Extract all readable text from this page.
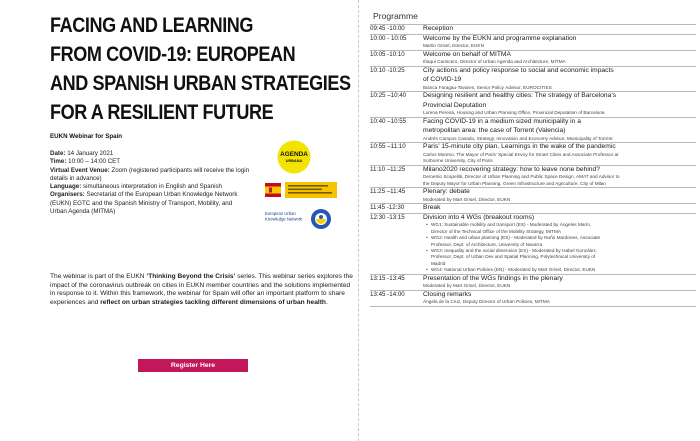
FACING AND LEARNING
FROM COVID-19: EUROPEAN
AND SPANISH URBAN STRATEGIES
FOR A RESILIENT FUTURE
EUKN Webinar for Spain

Date: 14 January 2021

Time: 10:00 – 14:00 CET

Virtual Event Venue: Zoom (registered participants will receive the login details in advance)

Language: simultaneous interpretation in English and Spanish

Organisers: Secretariat of the European Urban Knowledge Network (EUKN) EGTC and the Spanish Ministry of Transport, Mobility, and Urban Agenda (MITMA)

AGENDA
URBANA
European Urban
Knowledge Network
The webinar is part of the EUKN ‘Thinking Beyond the Crisis’ series. This webinar series explores the impact of the coronavirus outbreak on cities in EUKN member countries and the solutions implemented in response to it. Within this framework, the webinar for Spain will offer an important platform to share experiences and reflect on urban strategies tackling different dimensions of urban health.
Register Here
Programme
09:45 -10:00	Reception
10:00 - 10:05	Welcome by the EUKN and programme explanation
Martin Grisel, Director, EUKN
10:05 -10:10	Welcome on behalf of MITMA
Iñaqui Carnicero, Director of Urban Agenda and Architecture, MITMA
10:10 -10:25	City actions and policy response to social and economic impacts
of COVID-19
Bianca Faragau-Tavares, Senior Policy Advisor, EUROCITIES
10:25 –10:40	Designing resilient and healthy cities: The strategy of Barcelona’s
Provincial Deputation
Lorena Pereira, Housing and Urban Planning Office, Provincial Deputation of Barcelona
10:40 –10:55	Facing COVID-19 in a medium sized municipality in a
metropolitan area: the case of Torrent (Valencia)
Andrés Campos Casado, Strategy, Innovation and Economy Advisor, Municipality of Torrent
10:55 –11:10	Paris’ 15-minute city plan. Learnings in the wake of the pandemic
Carlos Moreno, The Mayor of Paris’ Special Envoy for Smart Cities and Associate Professor at
Sorbonne University, City of Paris
11:10 –11:25	Milano2020 recovering strategy: how to leave none behind?
Demetrio Scopelliti, Director of Urban Planning and Public Space Design, AMAT and Advisor to
the Deputy Mayor for Urban Planning, Green Infrastructure and Agriculture, City of Milan
11:25 –11:45	Plenary: debate
Moderated by Mart Grisel, Director, EUKN
11:45 -12:30	Break
12:30 -13:15	Division into 4 WGs (breakout rooms)
• WG1: Sustainable mobility and transport (ES) - Moderated by Ángeles Marín,
Director of the Technical Office of the Mobility Strategy, MITMA
• WG2: Health and urban planning (ES) - Moderated by Nuño Mardones, Associate
Professor, Dept. of Architecture, University of Navarra
• WG3: Inequality and the social dimension (ES) - Moderated by Isabel González,
Professor, Dept. of Urban Dev and Spatial Planning, Polytechnical University of
Madrid
• WG4: National Urban Policies (EN) - Moderated by Mart Grisel, Director, EUKN
13:15 -13:45	Presentation of the WGs findings in the plenary
Moderated by Mart Grisel, Director, EUKN
13:45 -14:00	Closing remarks
Ángela de la Cruz, Deputy Director of Urban Policies, MITMA
